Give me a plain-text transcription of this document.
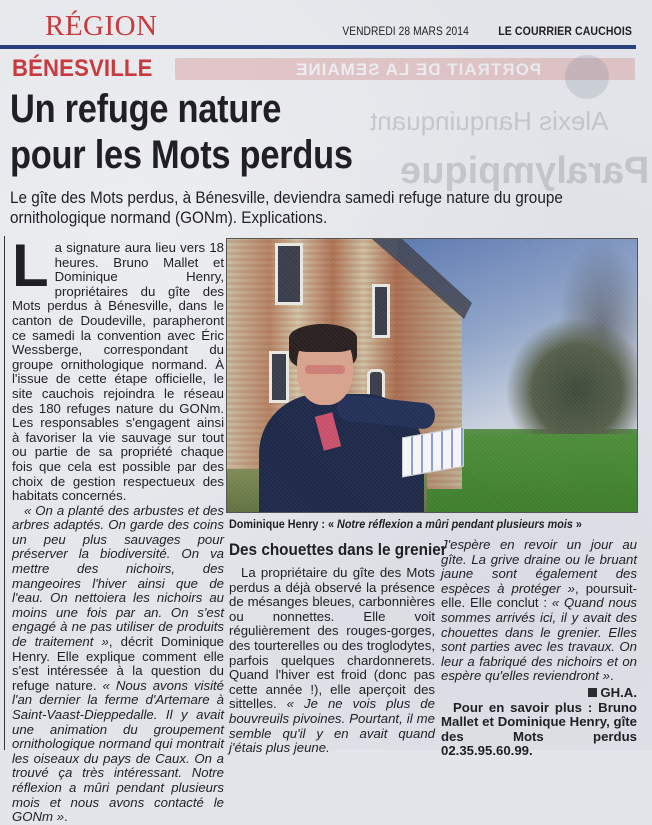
PORTRAIT DE LA SEMAINE
Alexis Hanquinquant
Paralympique
RÉGION	VENDREDI 28 MARS 2014 LE COURRIER CAUCHOIS
BÉNESVILLE
Un refuge nature
pour les Mots perdus

Le gîte des Mots perdus, à Bénesville, deviendra samedi refuge nature du groupe
ornithologique normand (GONm). Explications.

L a signature aura lieu vers 18 heures. Bruno Mallet et Dominique Henry, propriétaires du gîte des Mots perdus à Bénesville, dans le canton de Doudeville, parapheront ce samedi la convention avec Éric Wessberge, correspondant du groupe ornithologique normand. À l'issue de cette étape officielle, le site cauchois rejoindra le réseau des 180 refuges nature du GONm. Les responsables s'engagent ainsi à favoriser la vie sauvage sur tout ou partie de sa propriété chaque fois que cela est possible par des choix de gestion respectueux des habitats concernés.

« On a planté des arbustes et des arbres adaptés. On garde des coins un peu plus sauvages pour préserver la biodiversité. On va mettre des nichoirs, des mangeoires l'hiver ainsi que de l'eau. On nettoiera les nichoirs au moins une fois par an. On s'est engagé à ne pas utiliser de produits de traitement », décrit Dominique Henry. Elle explique comment elle s'est intéressée à la question du refuge nature. « Nous avons visité l'an dernier la ferme d'Artemare à Saint-Vaast-Dieppedalle. Il y avait une animation du groupement ornithologique normand qui montrait les oiseaux du pays de Caux. On a trouvé ça très intéressant. Notre réflexion a mûri pendant plusieurs mois et nous avons contacté le GONm ».

Dominique Henry : « Notre réflexion a mûri pendant plusieurs mois »

Des chouettes dans le grenier

La propriétaire du gîte des Mots perdus a déjà observé la présence de mésanges bleues, carbonnières ou nonnettes. Elle voit régulièrement des rouges-gorges, des tourterelles ou des troglodytes, parfois quelques chardonnerets. Quand l'hiver est froid (donc pas cette année !), elle aperçoit des sittelles. « Je ne vois plus de bouvreuils pivoines. Pourtant, il me semble qu'il y en avait quand j'étais plus jeune.

J'espère en revoir un jour au gîte. La grive draine ou le bruant jaune sont également des espèces à protéger », poursuit-elle. Elle conclut : « Quand nous sommes arrivés ici, il y avait des chouettes dans le grenier. Elles sont parties avec les travaux. On leur a fabriqué des nichoirs et on espère qu'elles reviendront ».

GH.A.

Pour en savoir plus : Bruno Mallet et Dominique Henry, gîte des Mots perdus 02.35.95.60.99.
